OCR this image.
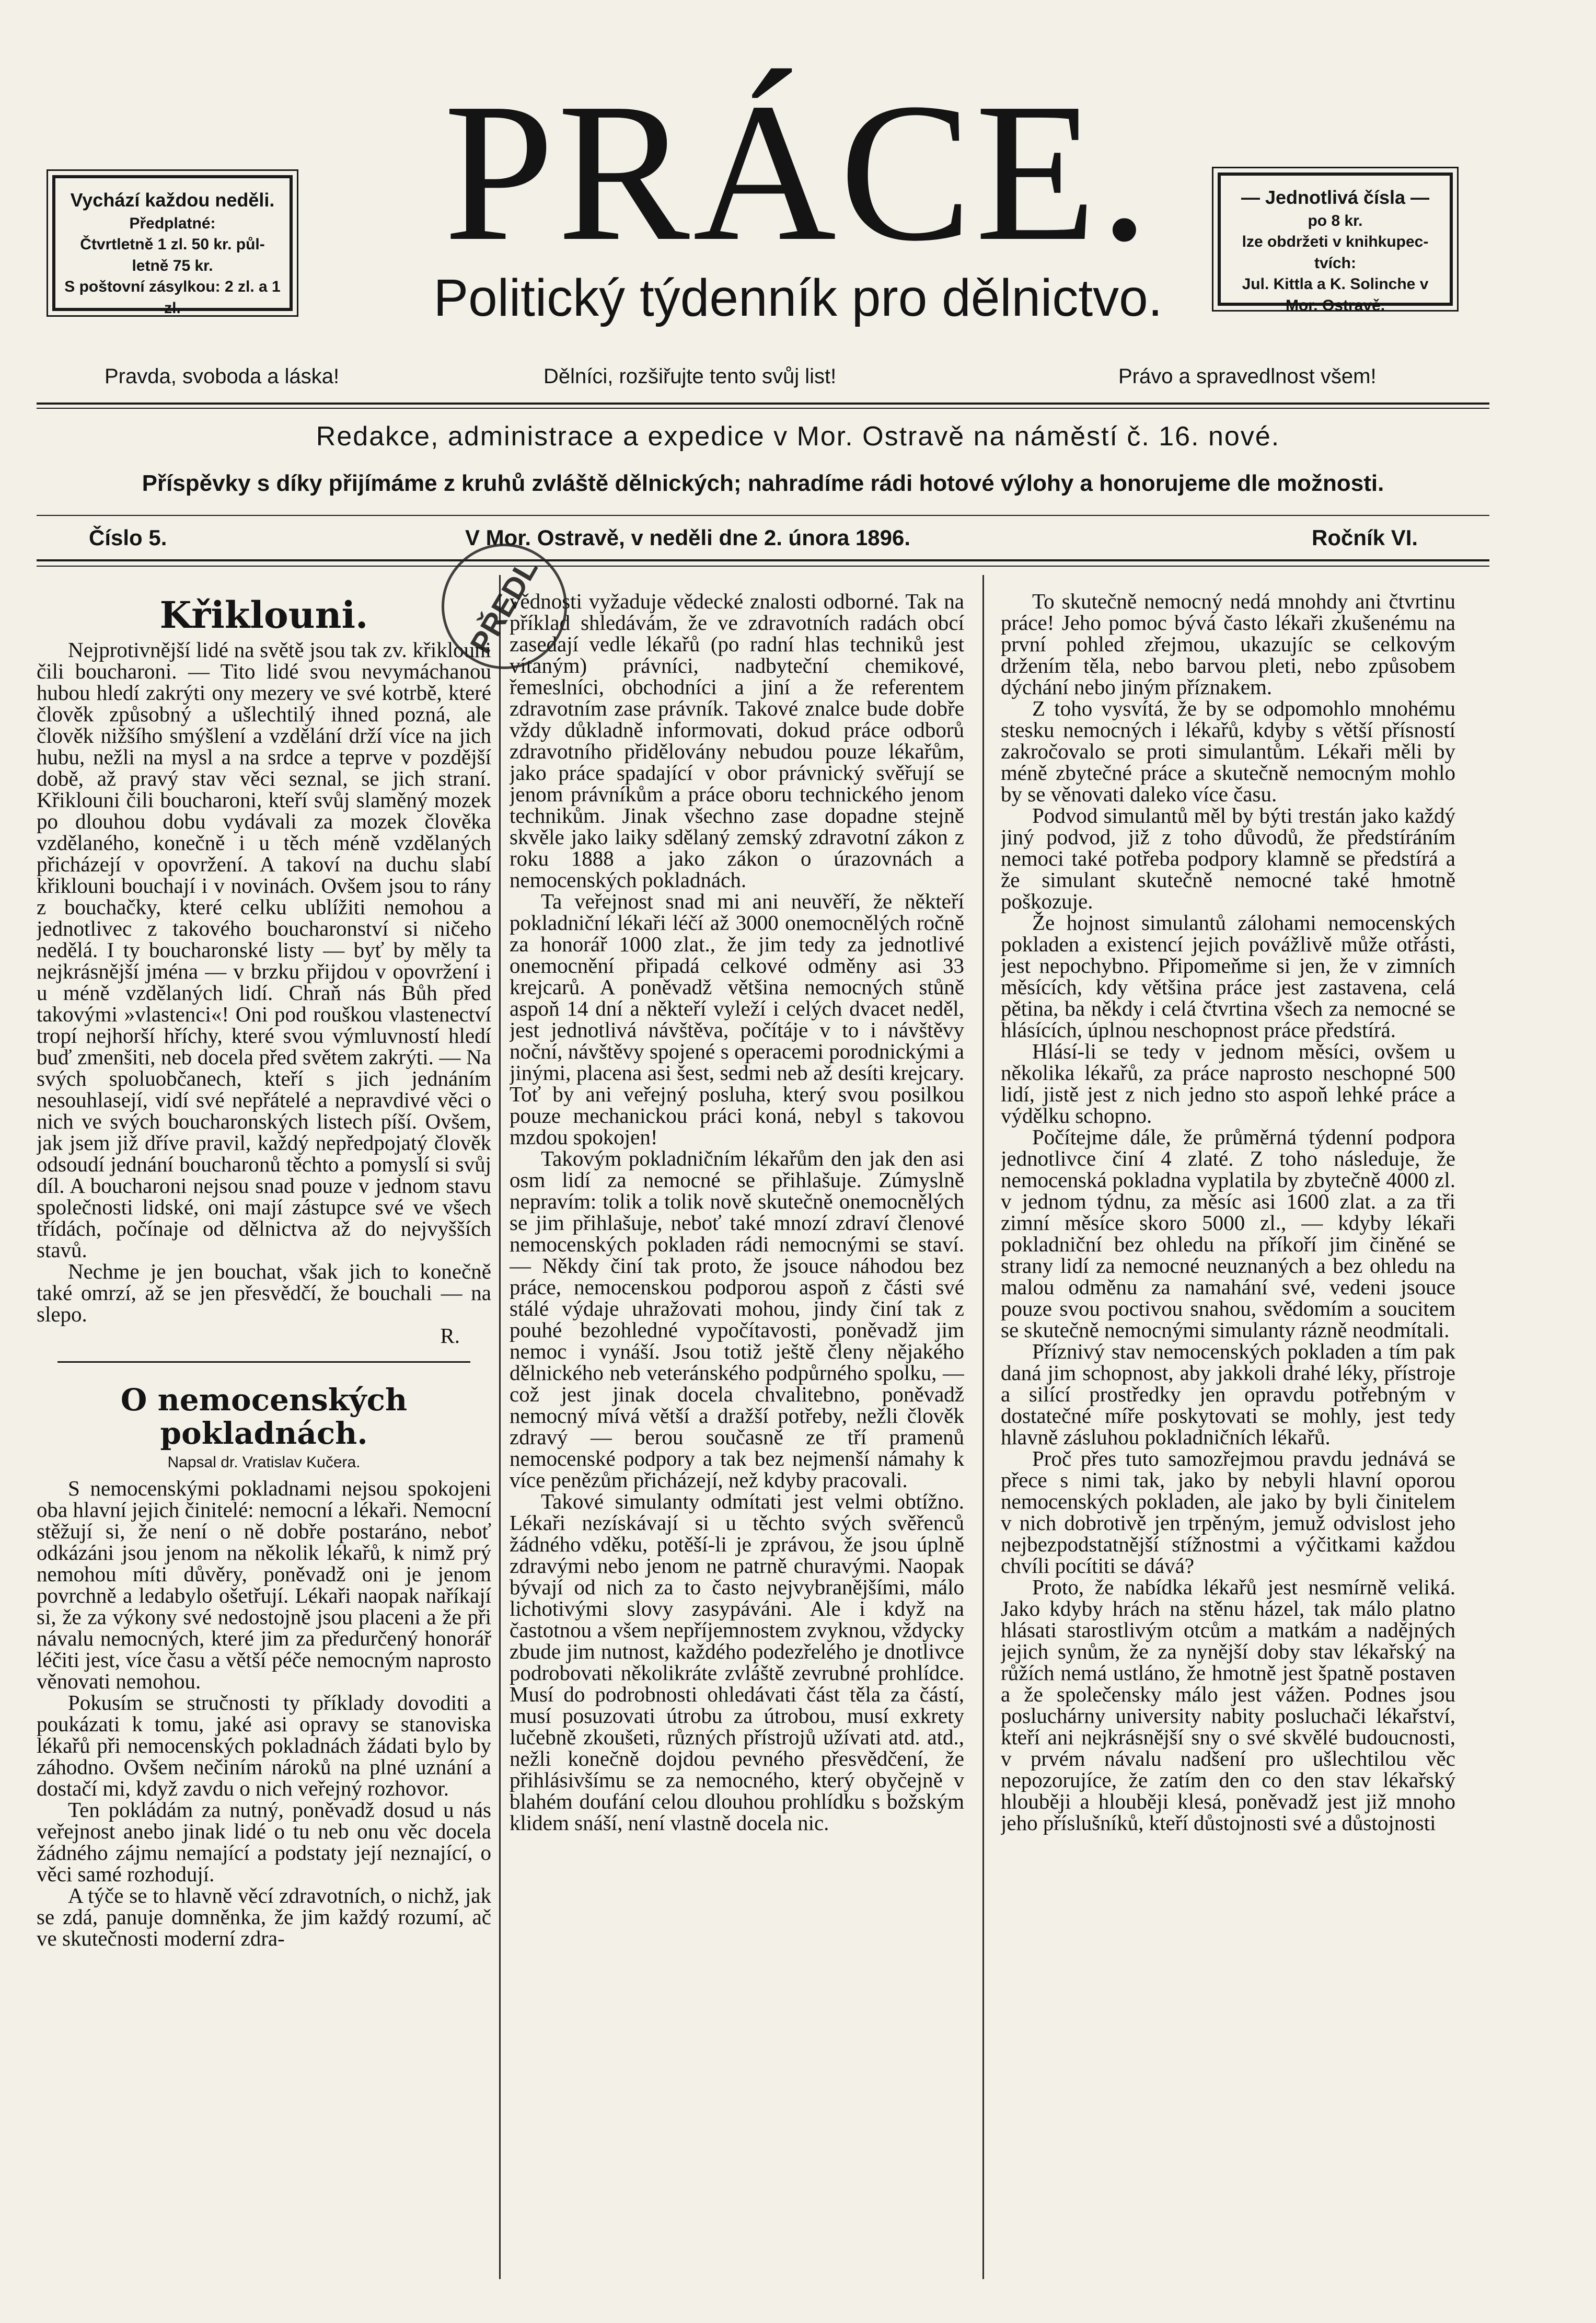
Vychází každou neděli.
Předplatné:
Čtvrtletně 1 zl. 50 kr. půl-letně 75 kr.
S poštovní zásylkou: 2 zl. a 1 zl.
PRÁCE.
Politický týdenník pro dělnictvo.
— Jednotlivá čísla —
po 8 kr.
lze obdržeti v knihkupec-tvích:
Jul. Kittla a K. Solinche v Mor. Ostravě.
Pravda, svoboda a láska!	Dělníci, rozšiřujte tento svůj list!	Právo a spravedlnost všem!
Redakce, administrace a expedice v Mor. Ostravě na náměstí č. 16. nové.
Příspěvky s díky přijímáme z kruhů zvláště dělnických; nahradíme rádi hotové výlohy a honorujeme dle možnosti.
Číslo 5.	V Mor. Ostravě, v neděli dne 2. února 1896.	Ročník VI.
Křiklouni.

Nejprotivnější lidé na světě jsou tak zv. křiklouni čili boucharoni. — Tito lidé svou nevymáchanou hubou hledí zakrýti ony mezery ve své kotrbě, které člověk způsobný a ušlechtilý ihned pozná, ale člověk nižšího smýšlení a vzdělání drží více na jich hubu, nežli na mysl a na srdce a teprve v pozdější době, až pravý stav věci seznal, se jich straní. Křiklouni čili boucharoni, kteří svůj slaměný mozek po dlouhou dobu vydávali za mozek člověka vzdělaného, konečně i u těch méně vzdělaných přicházejí v opovržení. A takoví na duchu slabí křiklouni bouchají i v novinách. Ovšem jsou to rány z bouchačky, které celku ublížiti nemohou a jednotlivec z takového boucharonství si ničeho nedělá. I ty boucharonské listy — byť by měly ta nejkrásnější jména — v brzku přijdou v opovržení i u méně vzdělaných lidí. Chraň nás Bůh před takovými »vlastenci«! Oni pod rouškou vlastenectví tropí nejhorší hříchy, které svou výmluvností hledí buď zmenšiti, neb docela před světem zakrýti. — Na svých spoluobčanech, kteří s jich jednáním nesouhlasejí, vidí své nepřátelé a nepravdivé věci o nich ve svých boucharonských listech píší. Ovšem, jak jsem již dříve pravil, každý nepředpojatý člověk odsoudí jednání boucharonů těchto a pomyslí si svůj díl. A boucharoni nejsou snad pouze v jednom stavu společnosti lidské, oni mají zástupce své ve všech třídách, počínaje od dělnictva až do nejvyšších stavů.

Nechme je jen bouchat, však jich to konečně také omrzí, až se jen přesvědčí, že bouchali — na slepo.

R.
O nemocenských pokladnách.
Napsal dr. Vratislav Kučera.

S nemocenskými pokladnami nejsou spokojeni oba hlavní jejich činitelé: nemocní a lékaři. Nemocní stěžují si, že není o ně dobře postaráno, neboť odkázáni jsou jenom na několik lékařů, k nimž prý nemohou míti důvěry, poněvadž oni je jenom povrchně a ledabylo ošetřují. Lékaři naopak naříkají si, že za výkony své nedostojně jsou placeni a že při návalu nemocných, které jim za předurčený honorář léčiti jest, více času a větší péče nemocným naprosto věnovati nemohou.

Pokusím se stručnosti ty příklady dovoditi a poukázati k tomu, jaké asi opravy se stanoviska lékařů při nemocenských pokladnách žádati bylo by záhodno. Ovšem nečiním nároků na plné uznání a dostačí mi, když zavdu o nich veřejný rozhovor.

Ten pokládám za nutný, poněvadž dosud u nás veřejnost anebo jinak lidé o tu neb onu věc docela žádného zájmu nemající a podstaty její neznající, o věci samé rozhodují.

A týče se to hlavně věcí zdravotních, o nichž, jak se zdá, panuje domněnka, že jim každý rozumí, ač ve skutečnosti moderní zdra-

vědnosti vyžaduje vědecké znalosti odborné. Tak na příklad shledávám, že ve zdravotních radách obcí zasedají vedle lékařů (po radní hlas techniků jest vítaným) právníci, nadbyteční chemikové, řemeslníci, obchodníci a jiní a že referentem zdravotním zase právník. Takové znalce bude dobře vždy důkladně informovati, dokud práce odborů zdravotního přidělovány nebudou pouze lékařům, jako práce spadající v obor právnický svěřují se jenom právníkům a práce oboru technického jenom technikům. Jinak všechno zase dopadne stejně skvěle jako laiky sdělaný zemský zdravotní zákon z roku 1888 a jako zákon o úrazovnách a nemocenských pokladnách.

Ta veřejnost snad mi ani neuvěří, že někteří pokladniční lékaři léčí až 3000 onemocnělých ročně za honorář 1000 zlat., že jim tedy za jednotlivé onemocnění připadá celkové odměny asi 33 krejcarů. A poněvadž většina nemocných stůně aspoň 14 dní a někteří vyleží i celých dvacet neděl, jest jednotlivá návštěva, počítáje v to i návštěvy noční, návštěvy spojené s operacemi porodnickými a jinými, placena asi šest, sedmi neb až desíti krejcary. Toť by ani veřejný posluha, který svou posilkou pouze mechanickou práci koná, nebyl s takovou mzdou spokojen!

Takovým pokladničním lékařům den jak den asi osm lidí za nemocné se přihlašuje. Zúmyslně nepravím: tolik a tolik nově skutečně onemocnělých se jim přihlašuje, neboť také mnozí zdraví členové nemocenských pokladen rádi nemocnými se staví. — Někdy činí tak proto, že jsouce náhodou bez práce, nemocenskou podporou aspoň z části své stálé výdaje uhražovati mohou, jindy činí tak z pouhé bezohledné vypočítavosti, poněvadž jim nemoc i vynáší. Jsou totiž ještě členy nějakého dělnického neb veteránského podpůrného spolku, — což jest jinak docela chvalitebno, poněvadž nemocný mívá větší a dražší potřeby, nežli člověk zdravý — berou současně ze tří pramenů nemocenské podpory a tak bez nejmenší námahy k více penězům přicházejí, než kdyby pracovali.

Takové simulanty odmítati jest velmi obtížno. Lékaři nezískávají si u těchto svých svěřenců žádného vděku, potěší-li je zprávou, že jsou úplně zdravými nebo jenom ne patrně churavými. Naopak bývají od nich za to často nejvybranějšími, málo lichotivými slovy zasypáváni. Ale i když na častotnou a všem nepříjemnostem zvyknou, vždycky zbude jim nutnost, každého podezřelého je dnotlivce podrobovati několikráte zvláště zevrubné prohlídce. Musí do podrobnosti ohledávati část těla za částí, musí posuzovati útrobu za útrobou, musí exkrety lučebně zkoušeti, různých přístrojů užívati atd. atd., nežli konečně dojdou pevného přesvědčení, že přihlásivšímu se za nemocného, který obyčejně v blahém doufání celou dlouhou prohlídku s božským klidem snáší, není vlastně docela nic.

To skutečně nemocný nedá mnohdy ani čtvrtinu práce! Jeho pomoc bývá často lékaři zkušenému na první pohled zřejmou, ukazujíc se celkovým držením těla, nebo barvou pleti, nebo způsobem dýchání nebo jiným příznakem.

Z toho vysvítá, že by se odpomohlo mnohému stesku nemocných i lékařů, kdyby s větší přísností zakročovalo se proti simulantům. Lékaři měli by méně zbytečné práce a skutečně nemocným mohlo by se věnovati daleko více času.

Podvod simulantů měl by býti trestán jako každý jiný podvod, již z toho důvodů, že předstíráním nemoci také potřeba podpory klamně se předstírá a že simulant skutečně nemocné také hmotně poškozuje.

Že hojnost simulantů zálohami nemocenských pokladen a existencí jejich povážlivě může otřásti, jest nepochybno. Připomeňme si jen, že v zimních měsících, kdy většina práce jest zastavena, celá pětina, ba někdy i celá čtvrtina všech za nemocné se hlásících, úplnou neschopnost práce předstírá.

Hlásí-li se tedy v jednom měsíci, ovšem u několika lékařů, za práce naprosto neschopné 500 lidí, jistě jest z nich jedno sto aspoň lehké práce a výdělku schopno.

Počítejme dále, že průměrná týdenní podpora jednotlivce činí 4 zlaté. Z toho následuje, že nemocenská pokladna vyplatila by zbytečně 4000 zl. v jednom týdnu, za měsíc asi 1600 zlat. a za tři zimní měsíce skoro 5000 zl., — kdyby lékaři pokladniční bez ohledu na příkoří jim činěné se strany lidí za nemocné neuznaných a bez ohledu na malou odměnu za namahání své, vedeni jsouce pouze svou poctivou snahou, svědomím a soucitem se skutečně nemocnými simulanty rázně neodmítali.

Příznivý stav nemocenských pokladen a tím pak daná jim schopnost, aby jakkoli drahé léky, přístroje a silící prostředky jen opravdu potřebným v dostatečné míře poskytovati se mohly, jest tedy hlavně zásluhou pokladničních lékařů.

Proč přes tuto samozřejmou pravdu jednává se přece s nimi tak, jako by nebyli hlavní oporou nemocenských pokladen, ale jako by byli činitelem v nich dobrotivě jen trpěným, jemuž odvislost jeho nejbezpodstatnější stížnostmi a výčitkami každou chvíli pocítiti se dává?

Proto, že nabídka lékařů jest nesmírně veliká. Jako kdyby hrách na stěnu házel, tak málo platno hlásati starostlivým otcům a matkám a nadějných jejich synům, že za nynější doby stav lékařský na růžích nemá ustláno, že hmotně jest špatně postaven a že společensky málo jest vážen. Podnes jsou posluchárny university nabity posluchači lékařství, kteří ani nejkrásnější sny o své skvělé budoucnosti, v prvém návalu nadšení pro ušlechtilou věc nepozorujíce, že zatím den co den stav lékařský hlouběji a hlouběji klesá, poněvadž jest již mnoho jeho příslušníků, kteří důstojnosti své a důstojnosti

PŘEDL
